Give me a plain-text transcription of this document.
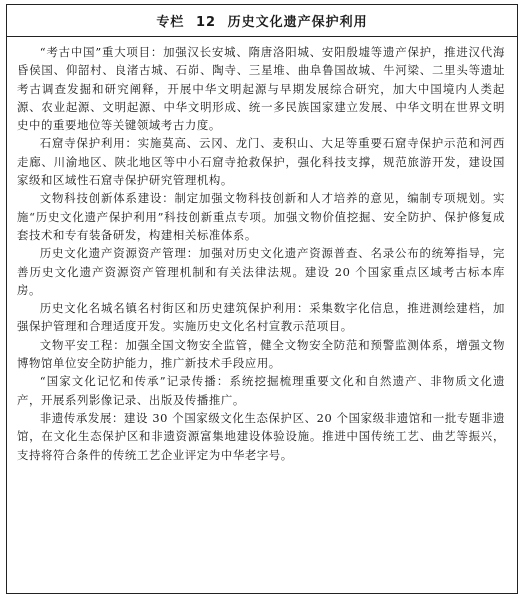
专栏 12 历史文化遗产保护利用

“考古中国”重大项目：加强汉长安城、隋唐洛阳城、安阳殷墟等遗产保护，推进汉代海昏侯国、仰韶村、良渚古城、石峁、陶寺、三星堆、曲阜鲁国故城、牛河梁、二里头等遗址考古调查发掘和研究阐释，开展中华文明起源与早期发展综合研究，加大中国境内人类起源、农业起源、文明起源、中华文明形成、统一多民族国家建立发展、中华文明在世界文明史中的重要地位等关键领域考古力度。

石窟寺保护利用：实施莫高、云冈、龙门、麦积山、大足等重要石窟寺保护示范和河西走廊、川渝地区、陕北地区等中小石窟寺抢救保护，强化科技支撑，规范旅游开发，建设国家级和区域性石窟寺保护研究管理机构。

文物科技创新体系建设：制定加强文物科技创新和人才培养的意见，编制专项规划。实施“历史文化遗产保护利用”科技创新重点专项。加强文物价值挖掘、安全防护、保护修复成套技术和专有装备研发，构建相关标准体系。

历史文化遗产资源资产管理：加强对历史文化遗产资源普查、名录公布的统筹指导，完善历史文化遗产资源资产管理机制和有关法律法规。建设 20 个国家重点区域考古标本库房。

历史文化名城名镇名村街区和历史建筑保护利用：采集数字化信息，推进测绘建档，加强保护管理和合理适度开发。实施历史文化名村宣教示范项目。

文物平安工程：加强全国文物安全监管，健全文物安全防范和预警监测体系，增强文物博物馆单位安全防护能力，推广新技术手段应用。

“国家文化记忆和传承”记录传播：系统挖掘梳理重要文化和自然遗产、非物质文化遗产，开展系列影像记录、出版及传播推广。

非遗传承发展：建设 30 个国家级文化生态保护区、20 个国家级非遗馆和一批专题非遗馆，在文化生态保护区和非遗资源富集地建设体验设施。推进中国传统工艺、曲艺等振兴，支持将符合条件的传统工艺企业评定为中华老字号。
